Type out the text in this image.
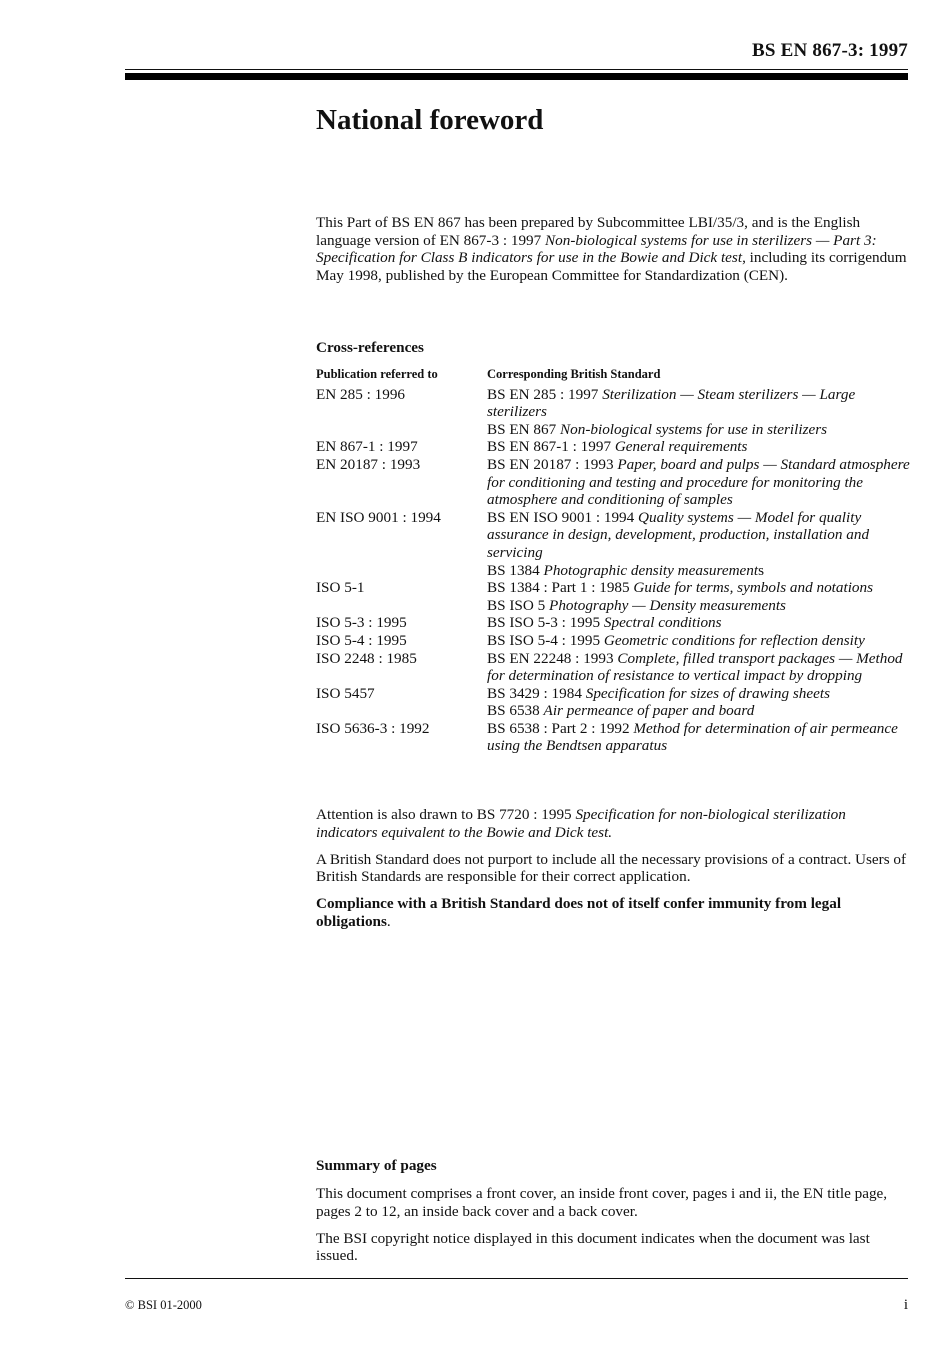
BS EN 867-3: 1997
National foreword

This Part of BS EN 867 has been prepared by Subcommittee LBI/35/3, and is the English language version of EN 867-3 : 1997 Non-biological systems for use in sterilizers — Part 3: Specification for Class B indicators for use in the Bowie and Dick test, including its corrigendum May 1998, published by the European Committee for Standardization (CEN).

Cross-references
Publication referred to	Corresponding British Standard
EN 285 : 1996	BS EN 285 : 1997 Sterilization — Steam sterilizers — Large sterilizers
	BS EN 867 Non-biological systems for use in sterilizers
EN 867-1 : 1997	BS EN 867-1 : 1997 General requirements
EN 20187 : 1993	BS EN 20187 : 1993 Paper, board and pulps — Standard atmosphere for conditioning and testing and procedure for monitoring the atmosphere and conditioning of samples
EN ISO 9001 : 1994	BS EN ISO 9001 : 1994 Quality systems — Model for quality assurance in design, development, production, installation and servicing
	BS 1384 Photographic density measurements
ISO 5-1	BS 1384 : Part 1 : 1985 Guide for terms, symbols and notations
	BS ISO 5 Photography — Density measurements
ISO 5-3 : 1995	BS ISO 5-3 : 1995 Spectral conditions
ISO 5-4 : 1995	BS ISO 5-4 : 1995 Geometric conditions for reflection density
ISO 2248 : 1985	BS EN 22248 : 1993 Complete, filled transport packages — Method for determination of resistance to vertical impact by dropping
ISO 5457	BS 3429 : 1984 Specification for sizes of drawing sheets
	BS 6538 Air permeance of paper and board
ISO 5636-3 : 1992	BS 6538 : Part 2 : 1992 Method for determination of air permeance using the Bendtsen apparatus

Attention is also drawn to BS 7720 : 1995 Specification for non-biological sterilization indicators equivalent to the Bowie and Dick test.

A British Standard does not purport to include all the necessary provisions of a contract. Users of British Standards are responsible for their correct application.

Compliance with a British Standard does not of itself confer immunity from legal obligations.

Summary of pages

This document comprises a front cover, an inside front cover, pages i and ii, the EN title page, pages 2 to 12, an inside back cover and a back cover.

The BSI copyright notice displayed in this document indicates when the document was last issued.

© BSI 01-2000	i
